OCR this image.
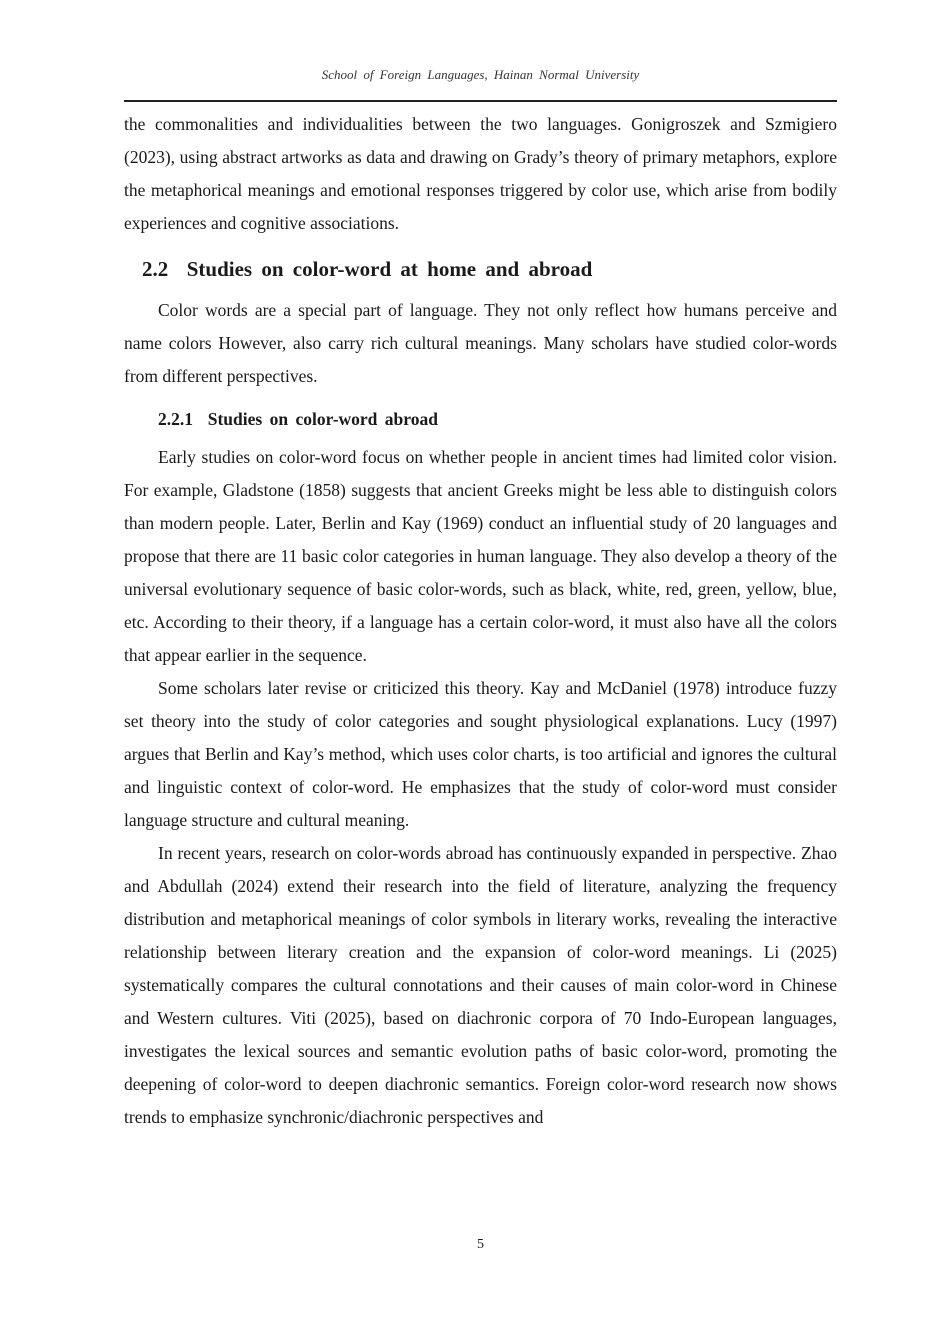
School of Foreign Languages, Hainan Normal University

the commonalities and individualities between the two languages. Gonigroszek and Szmigiero (2023), using abstract artworks as data and drawing on Grady’s theory of primary metaphors, explore the metaphorical meanings and emotional responses triggered by color use, which arise from bodily experiences and cognitive associations.

2.2 Studies on color-word at home and abroad

Color words are a special part of language. They not only reflect how humans perceive and name colors However, also carry rich cultural meanings. Many scholars have studied color-words from different perspectives.

2.2.1 Studies on color-word abroad

Early studies on color-word focus on whether people in ancient times had limited color vision. For example, Gladstone (1858) suggests that ancient Greeks might be less able to distinguish colors than modern people. Later, Berlin and Kay (1969) conduct an influential study of 20 languages and propose that there are 11 basic color categories in human language. They also develop a theory of the universal evolutionary sequence of basic color-words, such as black, white, red, green, yellow, blue, etc. According to their theory, if a language has a certain color-word, it must also have all the colors that appear earlier in the sequence.

Some scholars later revise or criticized this theory. Kay and McDaniel (1978) introduce fuzzy set theory into the study of color categories and sought physiological explanations. Lucy (1997) argues that Berlin and Kay’s method, which uses color charts, is too artificial and ignores the cultural and linguistic context of color-word. He emphasizes that the study of color-word must consider language structure and cultural meaning.

In recent years, research on color-words abroad has continuously expanded in perspective. Zhao and Abdullah (2024) extend their research into the field of literature, analyzing the frequency distribution and metaphorical meanings of color symbols in literary works, revealing the interactive relationship between literary creation and the expansion of color-word meanings. Li (2025) systematically compares the cultural connotations and their causes of main color-word in Chinese and Western cultures. Viti (2025), based on diachronic corpora of 70 Indo-European languages, investigates the lexical sources and semantic evolution paths of basic color-word, promoting the deepening of color-word to deepen diachronic semantics. Foreign color-word research now shows trends to emphasize synchronic/diachronic perspectives and

5
